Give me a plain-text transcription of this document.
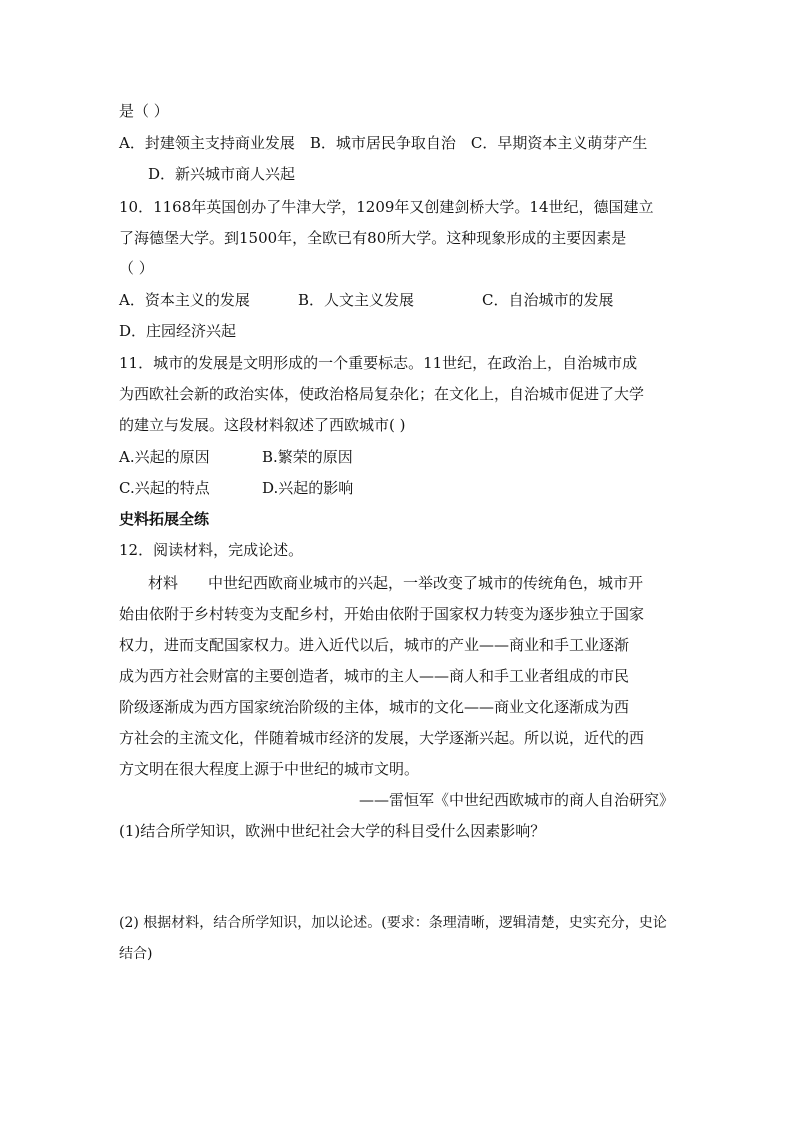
是（ ）
A．封建领主支持商业发展　B．城市居民争取自治　C．早期资本主义萌芽产生
D．新兴城市商人兴起
10．1168年英国创办了牛津大学，1209年又创建剑桥大学。14世纪，德国建立
了海德堡大学。到1500年，全欧已有80所大学。这种现象形成的主要因素是
（ ）
A．资本主义的发展	B．人文主义发展	C．自治城市的发展
D．庄园经济兴起
11．城市的发展是文明形成的一个重要标志。11世纪，在政治上，自治城市成
为西欧社会新的政治实体，使政治格局复杂化；在文化上，自治城市促进了大学
的建立与发展。这段材料叙述了西欧城市( )
A.兴起的原因	B.繁荣的原因
C.兴起的特点	D.兴起的影响
史料拓展全练
12．阅读材料，完成论述。
材料　　中世纪西欧商业城市的兴起，一举改变了城市的传统角色，城市开
始由依附于乡村转变为支配乡村，开始由依附于国家权力转变为逐步独立于国家
权力，进而支配国家权力。进入近代以后，城市的产业——商业和手工业逐渐
成为西方社会财富的主要创造者，城市的主人——商人和手工业者组成的市民
阶级逐渐成为西方国家统治阶级的主体，城市的文化——商业文化逐渐成为西
方社会的主流文化，伴随着城市经济的发展，大学逐渐兴起。所以说，近代的西
方文明在很大程度上源于中世纪的城市文明。
——雷恒军《中世纪西欧城市的商人自治研究》
(1)结合所学知识，欧洲中世纪社会大学的科目受什么因素影响？
(2) 根据材料，结合所学知识，加以论述。(要求：条理清晰，逻辑清楚，史实充分，史论
结合)
